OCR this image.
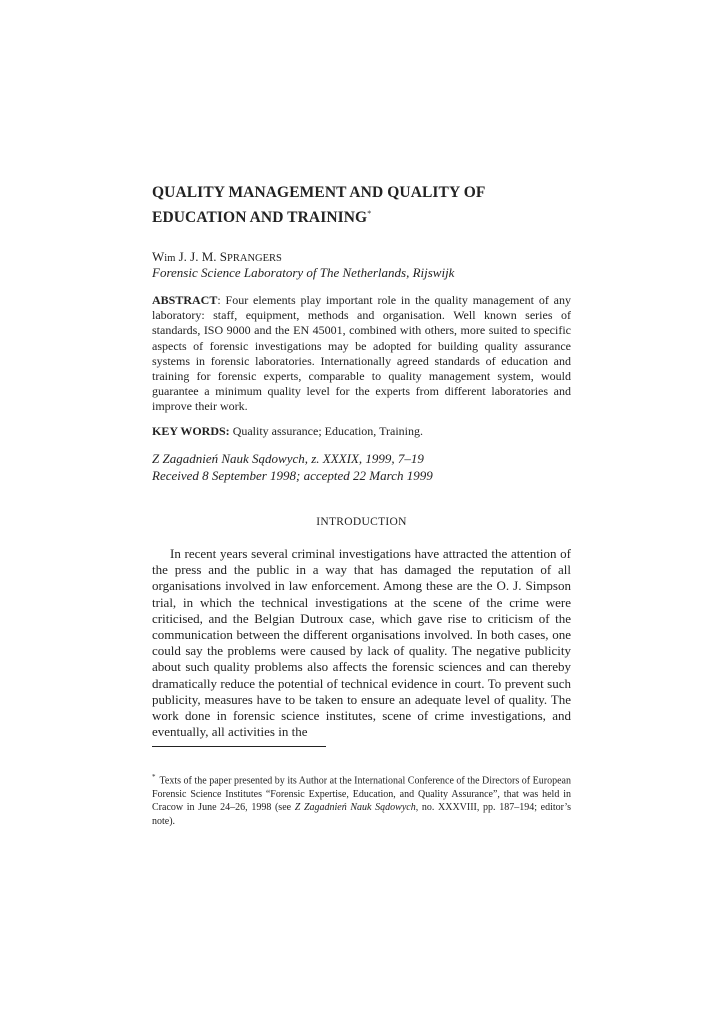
QUALITY MANAGEMENT AND QUALITY OF
EDUCATION AND TRAINING*
Wim J. J. M. SPRANGERS
Forensic Science Laboratory of The Netherlands, Rijswijk
ABSTRACT: Four elements play important role in the quality management of any laboratory: staff, equipment, methods and organisation. Well known series of standards, ISO 9000 and the EN 45001, combined with others, more suited to specific aspects of forensic investigations may be adopted for building quality assurance systems in forensic laboratories. Internationally agreed standards of education and training for forensic experts, comparable to quality management system, would guarantee a minimum quality level for the experts from different laboratories and improve their work.
KEY WORDS: Quality assurance; Education, Training.
Z Zagadnień Nauk Sądowych, z. XXXIX, 1999, 7–19
Received 8 September 1998; accepted 22 March 1999
INTRODUCTION
In recent years several criminal investigations have attracted the attention of the press and the public in a way that has damaged the reputation of all organisations involved in law enforcement. Among these are the O. J. Simpson trial, in which the technical investigations at the scene of the crime were criticised, and the Belgian Dutroux case, which gave rise to criticism of the communication between the different organisations involved. In both cases, one could say the problems were caused by lack of quality. The negative publicity about such quality problems also affects the forensic sciences and can thereby dramatically reduce the potential of technical evidence in court. To prevent such publicity, measures have to be taken to ensure an adequate level of quality. The work done in forensic science institutes, scene of crime investigations, and eventually, all activities in the
* Texts of the paper presented by its Author at the International Conference of the Directors of European Forensic Science Institutes “Forensic Expertise, Education, and Quality Assurance”, that was held in Cracow in June 24–26, 1998 (see Z Zagadnień Nauk Sądowych, no. XXXVIII, pp. 187–194; editor’s note).
